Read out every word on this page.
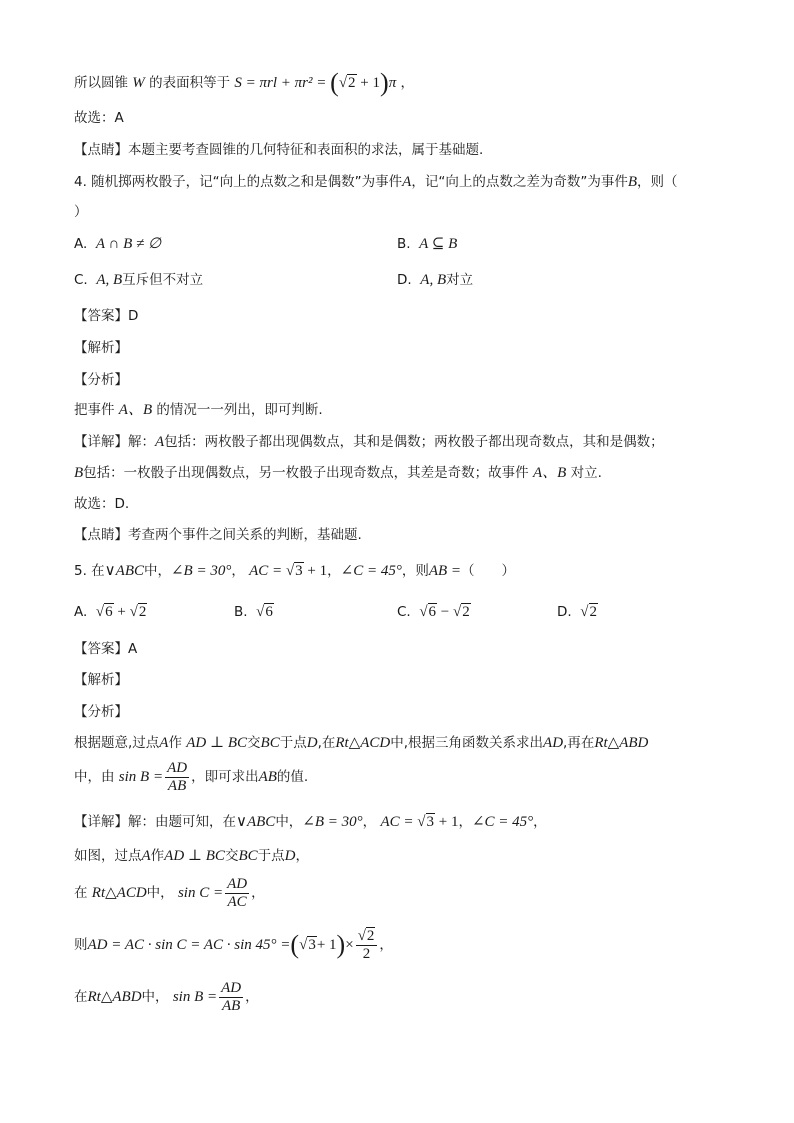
所以圆锥 W 的表面积等于 S = πrl + πr² = (√2 + 1)π ，
故选：A
【点睛】本题主要考查圆锥的几何特征和表面积的求法，属于基础题.
4. 随机掷两枚骰子，记“向上的点数之和是偶数”为事件A，记“向上的点数之差为奇数”为事件B，则（
）
A. A ∩ B ≠ ∅	B. A ⊆ B
C. A, B互斥但不对立	D. A, B对立
【答案】D
【解析】
【分析】
把事件 A、B 的情况一一列出，即可判断.
【详解】解：A包括：两枚骰子都出现偶数点，其和是偶数；两枚骰子都出现奇数点，其和是偶数；
B包括：一枚骰子出现偶数点，另一枚骰子出现奇数点，其差是奇数；故事件 A、B 对立.
故选：D.
【点睛】考查两个事件之间关系的判断，基础题.
5. 在∨ABC中，∠B = 30°， AC = √3 + 1，∠C = 45°，则AB =（　　）
A. √6 + √2	B. √6	C. √6 − √2	D. √2
【答案】A
【解析】
【分析】
根据题意,过点A作 AD ⊥ BC交BC于点D,在Rt△ACD中,根据三角函数关系求出AD,再在Rt△ABD
中，由
$\sin B = \frac{AD}{AB}$ ，即可求出 AB 的值.
【详解】解：由题可知，在∨ABC中，∠B = 30°， AC = √3 + 1，∠C = 45°，
如图，过点A作AD ⊥ BC交BC于点D，
在
Rt△ACD 中，
$\sin C = \frac{AD}{AC}$ ，
则 AD = AC · sin C = AC · sin 45° = ( √3 + 1 ) × $\frac{√2}{2}$ ，
在 Rt△ABD 中，
$\sin B = \frac{AD}{AB}$ ，
